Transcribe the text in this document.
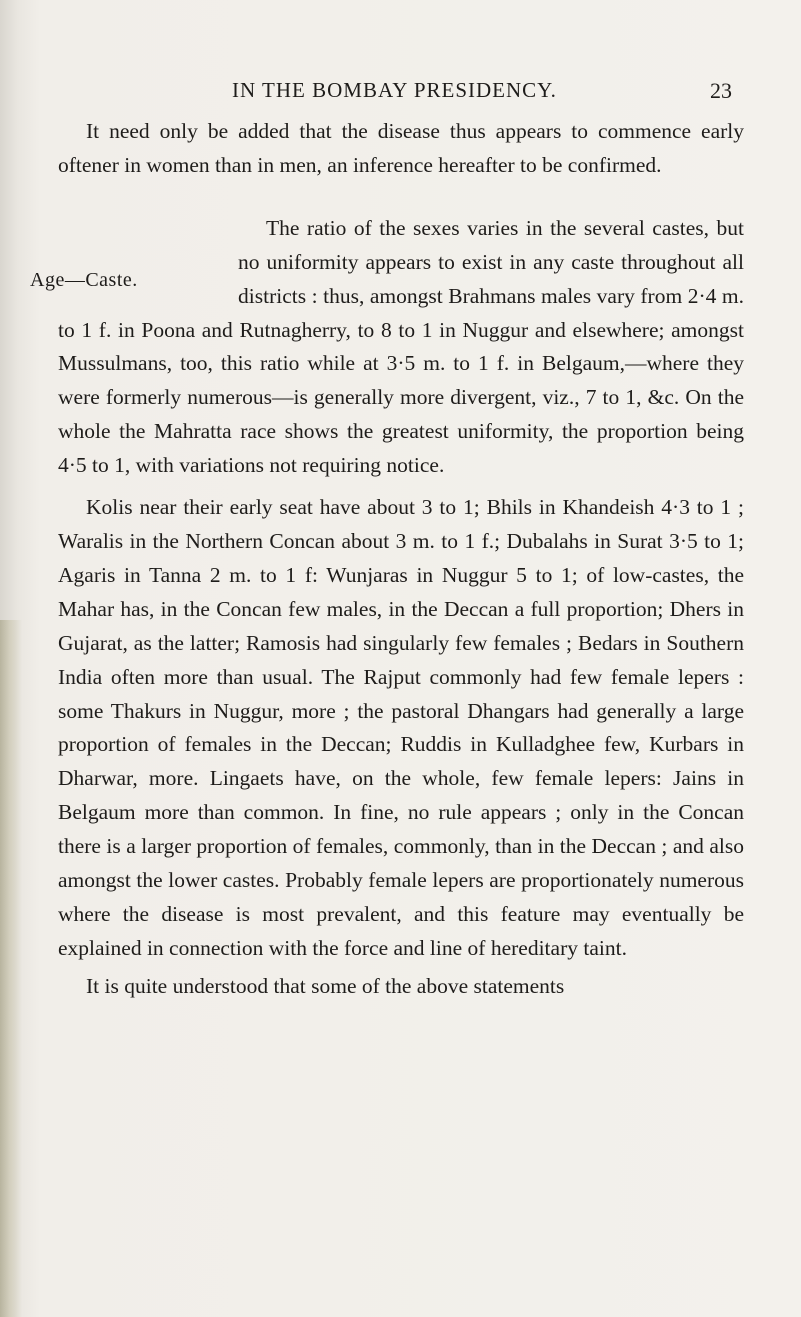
IN THE BOMBAY PRESIDENCY.	23

It need only be added that the disease thus appears to commence early oftener in women than in men, an inference hereafter to be confirmed.

Age—Caste.
The ratio of the sexes varies in the several castes, but no uniformity appears to exist in any caste throughout all districts : thus, amongst Brahmans males vary from 2·4 m. to 1 f. in Poona and Rutnagherry, to 8 to 1 in Nuggur and elsewhere; amongst Mussulmans, too, this ratio while at 3·5 m. to 1 f. in Belgaum,—where they were formerly numerous—is generally more divergent, viz., 7 to 1, &c. On the whole the Mahratta race shows the greatest uniformity, the proportion being 4·5 to 1, with variations not requiring notice.

Kolis near their early seat have about 3 to 1; Bhils in Khandeish 4·3 to 1 ; Waralis in the Northern Concan about 3 m. to 1 f.; Dubalahs in Surat 3·5 to 1; Agaris in Tanna 2 m. to 1 f: Wunjaras in Nuggur 5 to 1; of low-castes, the Mahar has, in the Concan few males, in the Deccan a full proportion; Dhers in Gujarat, as the latter; Ramosis had singularly few females ; Bedars in Southern India often more than usual. The Rajput commonly had few female lepers : some Thakurs in Nuggur, more ; the pastoral Dhangars had generally a large proportion of females in the Deccan; Ruddis in Kulladghee few, Kurbars in Dharwar, more. Lingaets have, on the whole, few female lepers: Jains in Belgaum more than common. In fine, no rule appears ; only in the Concan there is a larger proportion of females, commonly, than in the Deccan ; and also amongst the lower castes. Probably female lepers are proportionately numerous where the disease is most prevalent, and this feature may eventually be explained in connection with the force and line of hereditary taint.

It is quite understood that some of the above statements
